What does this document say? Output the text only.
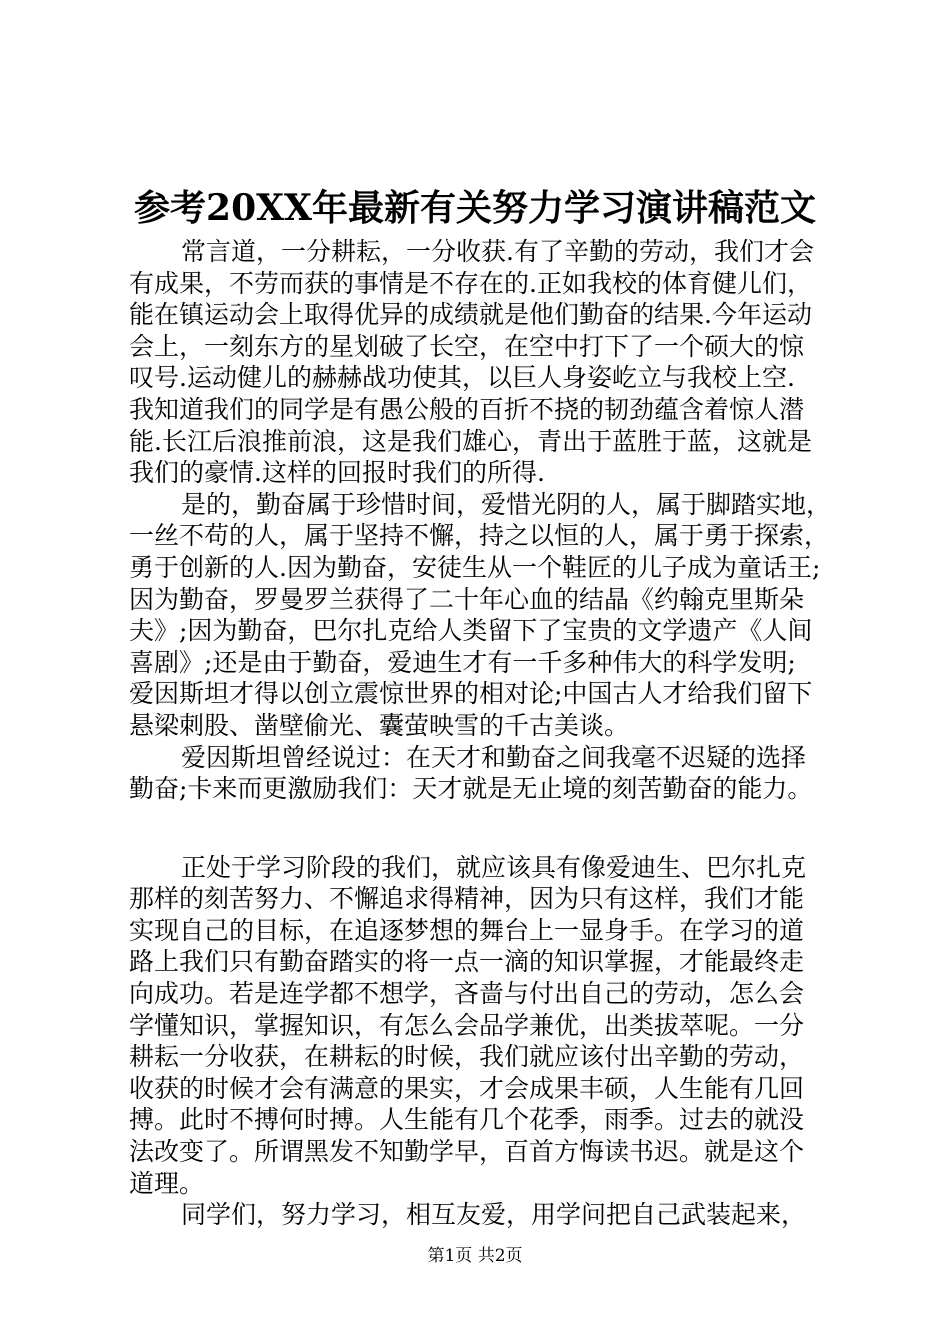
参考20XX年最新有关努力学习演讲稿范文
常言道，一分耕耘，一分收获.有了辛勤的劳动，我们才会
有成果，不劳而获的事情是不存在的.正如我校的体育健儿们，
能在镇运动会上取得优异的成绩就是他们勤奋的结果.今年运动
会上，一刻东方的星划破了长空，在空中打下了一个硕大的惊
叹号.运动健儿的赫赫战功使其，以巨人身姿屹立与我校上空.
我知道我们的同学是有愚公般的百折不挠的韧劲蕴含着惊人潜
能.长江后浪推前浪，这是我们雄心，青出于蓝胜于蓝，这就是
我们的豪情.这样的回报时我们的所得.
是的，勤奋属于珍惜时间，爱惜光阴的人，属于脚踏实地，
一丝不苟的人，属于坚持不懈，持之以恒的人，属于勇于探索，
勇于创新的人.因为勤奋，安徒生从一个鞋匠的儿子成为童话王;
因为勤奋，罗曼罗兰获得了二十年心血的结晶《约翰克里斯朵
夫》;因为勤奋，巴尔扎克给人类留下了宝贵的文学遗产《人间
喜剧》;还是由于勤奋，爱迪生才有一千多种伟大的科学发明;
爱因斯坦才得以创立震惊世界的相对论;中国古人才给我们留下
悬梁刺股、凿壁偷光、囊萤映雪的千古美谈。
爱因斯坦曾经说过：在天才和勤奋之间我毫不迟疑的选择
勤奋;卡来而更激励我们：天才就是无止境的刻苦勤奋的能力。
正处于学习阶段的我们，就应该具有像爱迪生、巴尔扎克
那样的刻苦努力、不懈追求得精神，因为只有这样，我们才能
实现自己的目标，在追逐梦想的舞台上一显身手。在学习的道
路上我们只有勤奋踏实的将一点一滴的知识掌握，才能最终走
向成功。若是连学都不想学，吝啬与付出自己的劳动，怎么会
学懂知识，掌握知识，有怎么会品学兼优，出类拔萃呢。一分
耕耘一分收获，在耕耘的时候，我们就应该付出辛勤的劳动，
收获的时候才会有满意的果实，才会成果丰硕，人生能有几回
搏。此时不搏何时搏。人生能有几个花季，雨季。过去的就没
法改变了。所谓黑发不知勤学早，百首方悔读书迟。就是这个
道理。
同学们，努力学习，相互友爱，用学问把自己武装起来，
第1页 共2页
